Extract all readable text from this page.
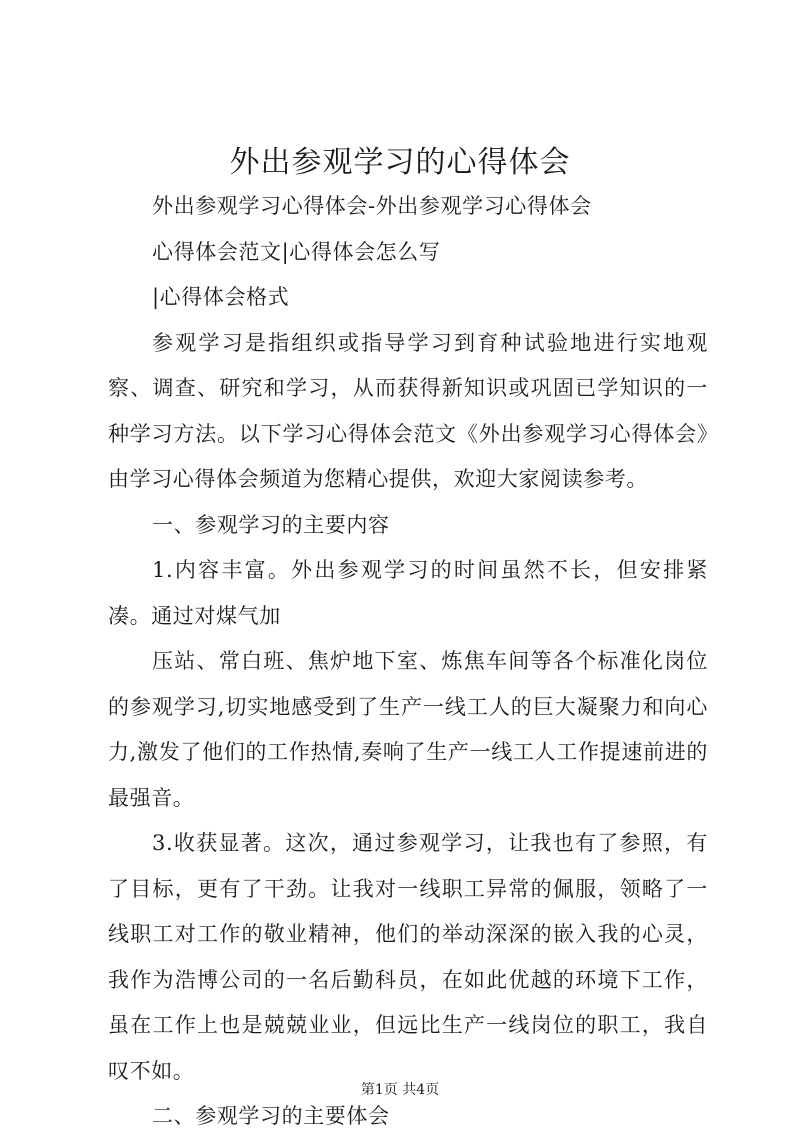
外出参观学习的心得体会

外出参观学习心得体会-外出参观学习心得体会

心得体会范文|心得体会怎么写

|心得体会格式

参观学习是指组织或指导学习到育种试验地进行实地观察、调查、研究和学习，从而获得新知识或巩固已学知识的一种学习方法。以下学习心得体会范文《外出参观学习心得体会》由学习心得体会频道为您精心提供，欢迎大家阅读参考。

一、参观学习的主要内容

1.内容丰富。外出参观学习的时间虽然不长，但安排紧凑。通过对煤气加

压站、常白班、焦炉地下室、炼焦车间等各个标准化岗位的参观学习,切实地感受到了生产一线工人的巨大凝聚力和向心力,激发了他们的工作热情,奏响了生产一线工人工作提速前进的最强音。

3.收获显著。这次，通过参观学习，让我也有了参照，有了目标，更有了干劲。让我对一线职工异常的佩服，领略了一线职工对工作的敬业精神，他们的举动深深的嵌入我的心灵，我作为浩博公司的一名后勤科员，在如此优越的环境下工作，虽在工作上也是兢兢业业，但远比生产一线岗位的职工，我自叹不如。

二、参观学习的主要体会

第1页 共4页
